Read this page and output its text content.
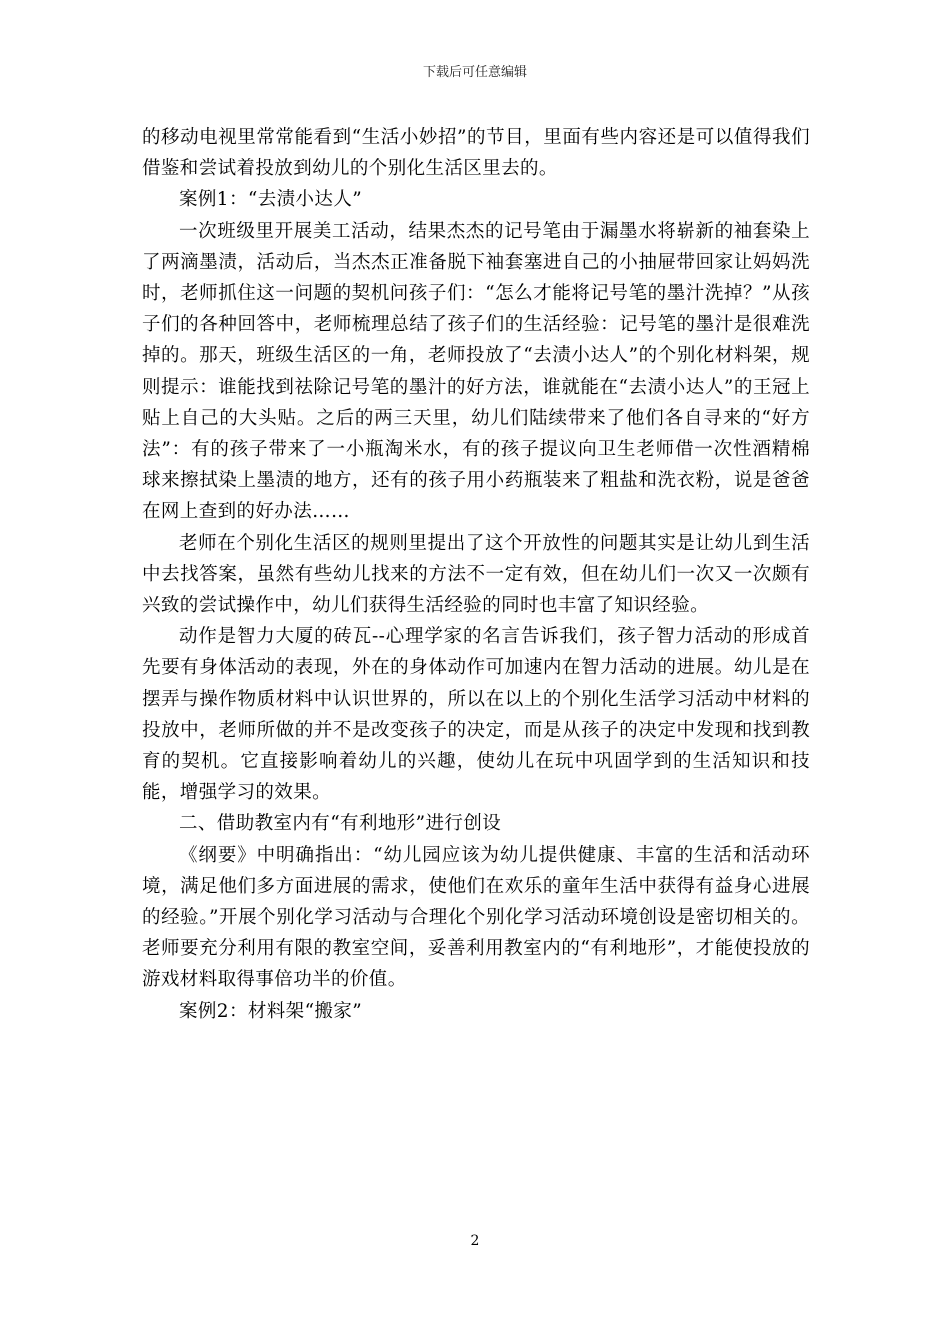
下载后可任意编辑

的移动电视里常常能看到“生活小妙招”的节目，里面有些内容还是可以值得我们借鉴和尝试着投放到幼儿的个别化生活区里去的。

案例1：“去渍小达人”

一次班级里开展美工活动，结果杰杰的记号笔由于漏墨水将崭新的袖套染上了两滴墨渍，活动后，当杰杰正准备脱下袖套塞进自己的小抽屉带回家让妈妈洗时，老师抓住这一问题的契机问孩子们：“怎么才能将记号笔的墨汁洗掉？”从孩子们的各种回答中，老师梳理总结了孩子们的生活经验：记号笔的墨汁是很难洗掉的。那天，班级生活区的一角，老师投放了“去渍小达人”的个别化材料架，规则提示：谁能找到祛除记号笔的墨汁的好方法，谁就能在“去渍小达人”的王冠上贴上自己的大头贴。之后的两三天里，幼儿们陆续带来了他们各自寻来的“好方法”：有的孩子带来了一小瓶淘米水，有的孩子提议向卫生老师借一次性酒精棉球来擦拭染上墨渍的地方，还有的孩子用小药瓶装来了粗盐和洗衣粉，说是爸爸在网上查到的好办法……

老师在个别化生活区的规则里提出了这个开放性的问题其实是让幼儿到生活中去找答案，虽然有些幼儿找来的方法不一定有效，但在幼儿们一次又一次颇有兴致的尝试操作中，幼儿们获得生活经验的同时也丰富了知识经验。

动作是智力大厦的砖瓦--心理学家的名言告诉我们，孩子智力活动的形成首先要有身体活动的表现，外在的身体动作可加速内在智力活动的进展。幼儿是在摆弄与操作物质材料中认识世界的，所以在以上的个别化生活学习活动中材料的投放中，老师所做的并不是改变孩子的决定，而是从孩子的决定中发现和找到教育的契机。它直接影响着幼儿的兴趣，使幼儿在玩中巩固学到的生活知识和技能，增强学习的效果。

二、借助教室内有“有利地形”进行创设

《纲要》中明确指出：“幼儿园应该为幼儿提供健康、丰富的生活和活动环境，满足他们多方面进展的需求，使他们在欢乐的童年生活中获得有益身心进展的经验。”开展个别化学习活动与合理化个别化学习活动环境创设是密切相关的。老师要充分利用有限的教室空间，妥善利用教室内的“有利地形”，才能使投放的游戏材料取得事倍功半的价值。

案例2：材料架“搬家”

2
